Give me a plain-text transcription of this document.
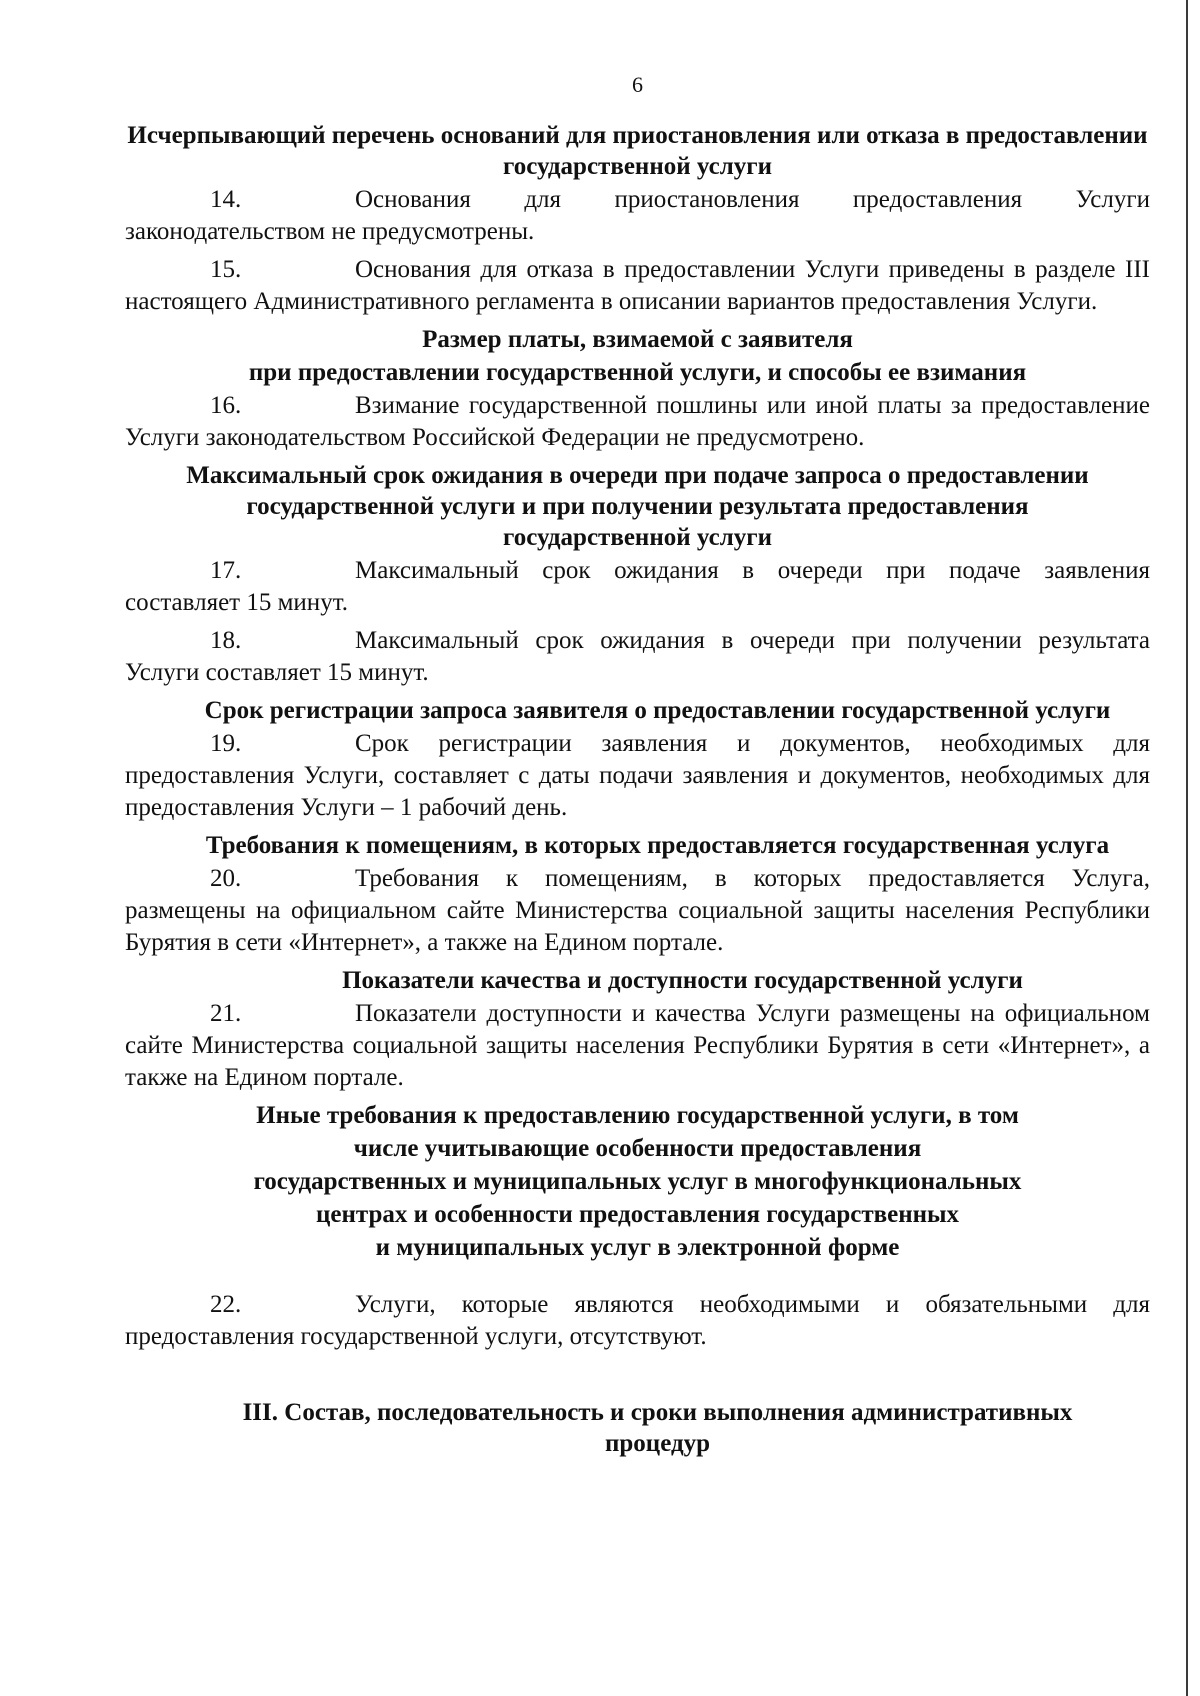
6
Исчерпывающий перечень оснований для приостановления или отказа в предоставлении государственной услуги

14.	Основания для приостановления предоставления Услуги законодательством не предусмотрены.

15.	Основания для отказа в предоставлении Услуги приведены в разделе III настоящего Административного регламента в описании вариантов предоставления Услуги.

Размер платы, взимаемой с заявителя
при предоставлении государственной услуги, и способы ее взимания

16.	Взимание государственной пошлины или иной платы за предоставление Услуги законодательством Российской Федерации не предусмотрено.

Максимальный срок ожидания в очереди при подаче запроса о предоставлении государственной услуги и при получении результата предоставления государственной услуги

17.	Максимальный срок ожидания в очереди при подаче заявления составляет 15 минут.

18.	Максимальный срок ожидания в очереди при получении результата Услуги составляет 15 минут.

Срок регистрации запроса заявителя о предоставлении государственной услуги

19.	Срок регистрации заявления и документов, необходимых для предоставления Услуги, составляет с даты подачи заявления и документов, необходимых для предоставления Услуги – 1 рабочий день.

Требования к помещениям, в которых предоставляется государственная услуга

20.	Требования к помещениям, в которых предоставляется Услуга, размещены на официальном сайте Министерства социальной защиты населения Республики Бурятия в сети «Интернет», а также на Едином портале.

Показатели качества и доступности государственной услуги

21.	Показатели доступности и качества Услуги размещены на официальном сайте Министерства социальной защиты населения Республики Бурятия в сети «Интернет», а также на Едином портале.

Иные требования к предоставлению государственной услуги, в том
числе учитывающие особенности предоставления
государственных и муниципальных услуг в многофункциональных
центрах и особенности предоставления государственных
и муниципальных услуг в электронной форме

22.	Услуги, которые являются необходимыми и обязательными для предоставления государственной услуги, отсутствуют.

III. Состав, последовательность и сроки выполнения административных процедур
